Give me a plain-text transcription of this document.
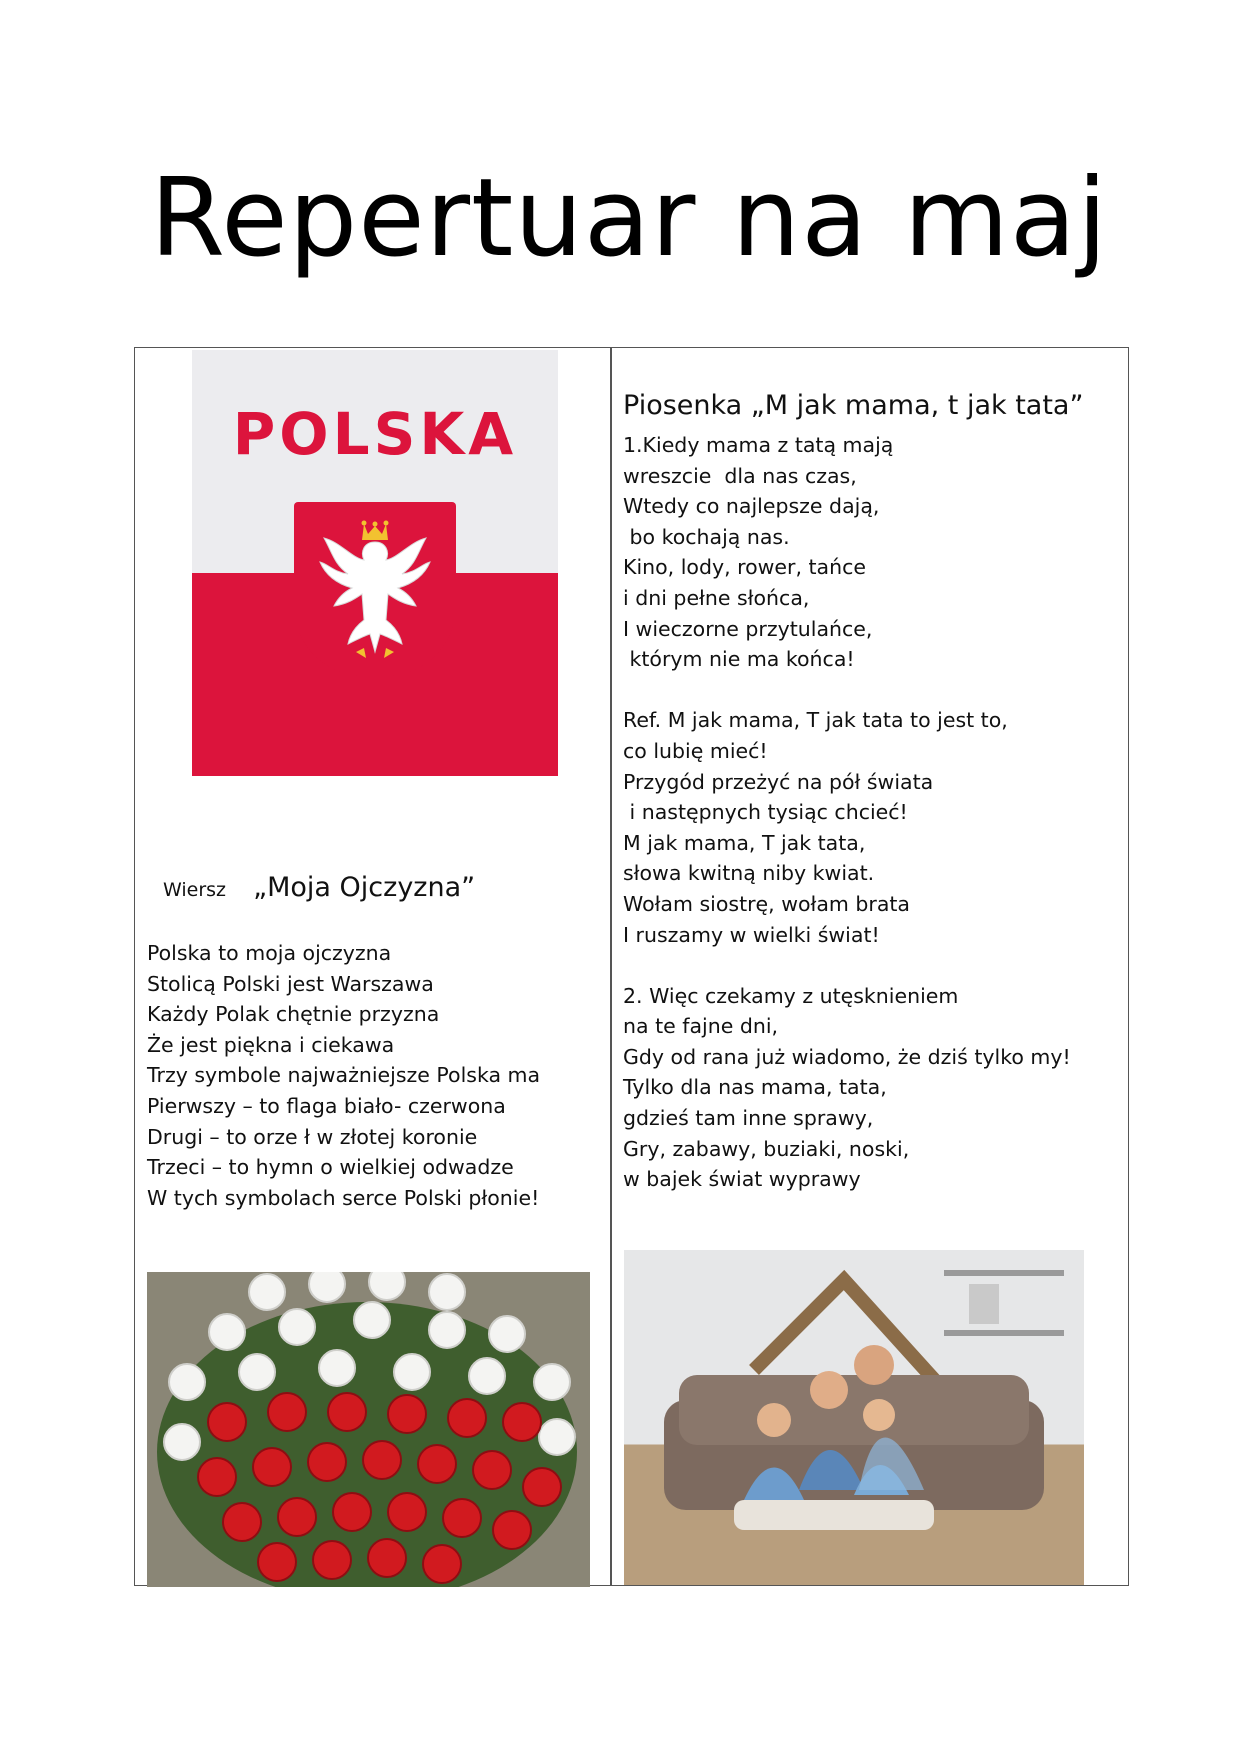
Repertuar na maj
POLSKA
Wiersz „Moja Ojczyzna”
Polska to moja ojczyzna
Stolicą Polski jest Warszawa
Każdy Polak chętnie przyzna
Że jest piękna i ciekawa
Trzy symbole najważniejsze Polska ma
Pierwszy – to flaga biało- czerwona
Drugi – to orze ł w złotej koronie
Trzeci – to hymn o wielkiej odwadze
W tych symbolach serce Polski płonie!
Piosenka „M jak mama, t jak tata”
1.Kiedy mama z tatą mają
wreszcie  dla nas czas,
Wtedy co najlepsze dają,
bo kochają nas.
Kino, lody, rower, tańce
i dni pełne słońca,
I wieczorne przytulańce,
którym nie ma końca!
Ref. M jak mama, T jak tata to jest to,
co lubię mieć!
Przygód przeżyć na pół świata
i następnych tysiąc chcieć!
M jak mama, T jak tata,
słowa kwitną niby kwiat.
Wołam siostrę, wołam brata
I ruszamy w wielki świat!
2. Więc czekamy z utęsknieniem
na te fajne dni,
Gdy od rana już wiadomo, że dziś tylko my!
Tylko dla nas mama, tata,
gdzieś tam inne sprawy,
Gry, zabawy, buziaki, noski,
w bajek świat wyprawy
